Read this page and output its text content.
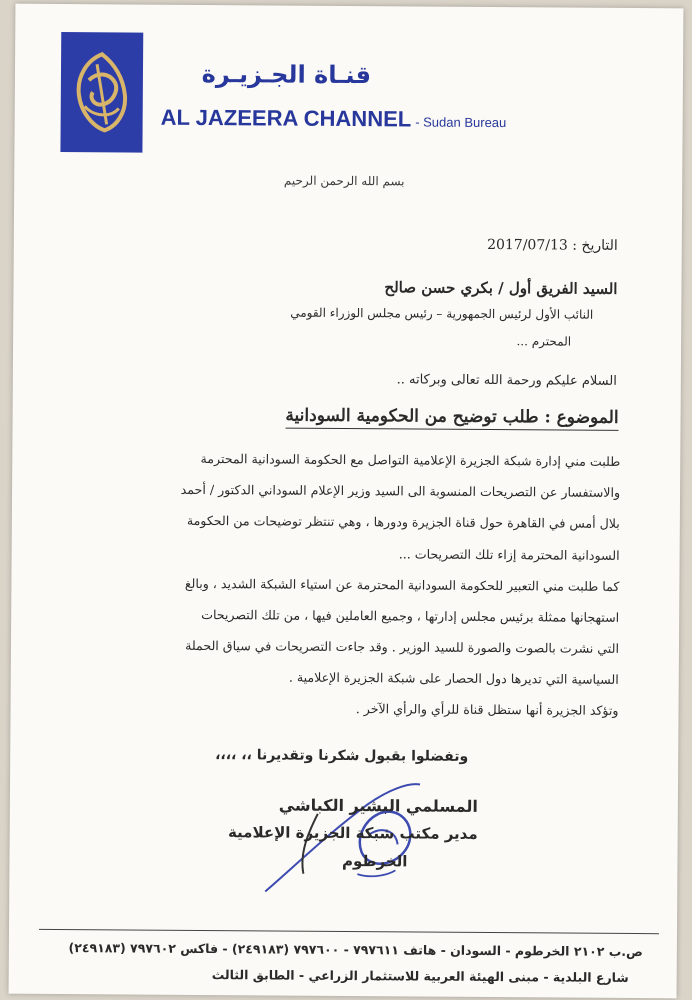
قنـاة الجـزيـرة
AL JAZEERA CHANNEL - Sudan Bureau
بسم الله الرحمن الرحيم
التاريخ : 2017/07/13
السيد الفريق أول / بكري حسن صالح
النائب الأول لرئيس الجمهورية – رئيس مجلس الوزراء القومي
المحترم ...
السلام عليكم ورحمة الله تعالى وبركاته ..
الموضوع : طلب توضيح من الحكومية السودانية
طلبت مني إدارة شبكة الجزيرة الإعلامية التواصل مع الحكومة السودانية المحترمة
والاستفسار عن التصريحات المنسوبة الى السيد وزير الإعلام السوداني الدكتور / أحمد
بلال أمس في القاهرة حول قناة الجزيرة ودورها ، وهي تنتظر توضيحات من الحكومة
السودانية المحترمة إزاء تلك التصريحات ...
كما طلبت مني التعبير للحكومة السودانية المحترمة عن استياء الشبكة الشديد ، وبالغ
استهجانها ممثلة برئيس مجلس إدارتها ، وجميع العاملين فيها ، من تلك التصريحات
التي نشرت بالصوت والصورة للسيد الوزير . وقد جاءت التصريحات في سياق الحملة
السياسية التي تديرها دول الحصار على شبكة الجزيرة الإعلامية .
وتؤكد الجزيرة أنها ستظل قناة للرأي والرأي الآخر .
وتفضلوا بقبول شكرنا وتقديرنا ،، ،،،،
المسلمي البشير الكباشي
مدير مكتب شبكة الجزيرة الإعلامية
الخرطوم
ص.ب ٢١٠٢ الخرطوم - السودان - هاتف ٧٩٧٦١١ - ٧٩٧٦٠٠ (٢٤٩١٨٣) - فاكس ٧٩٧٦٠٢ (٢٤٩١٨٣)
شارع البلدية - مبنى الهيئة العربية للاستثمار الزراعي - الطابق الثالث
